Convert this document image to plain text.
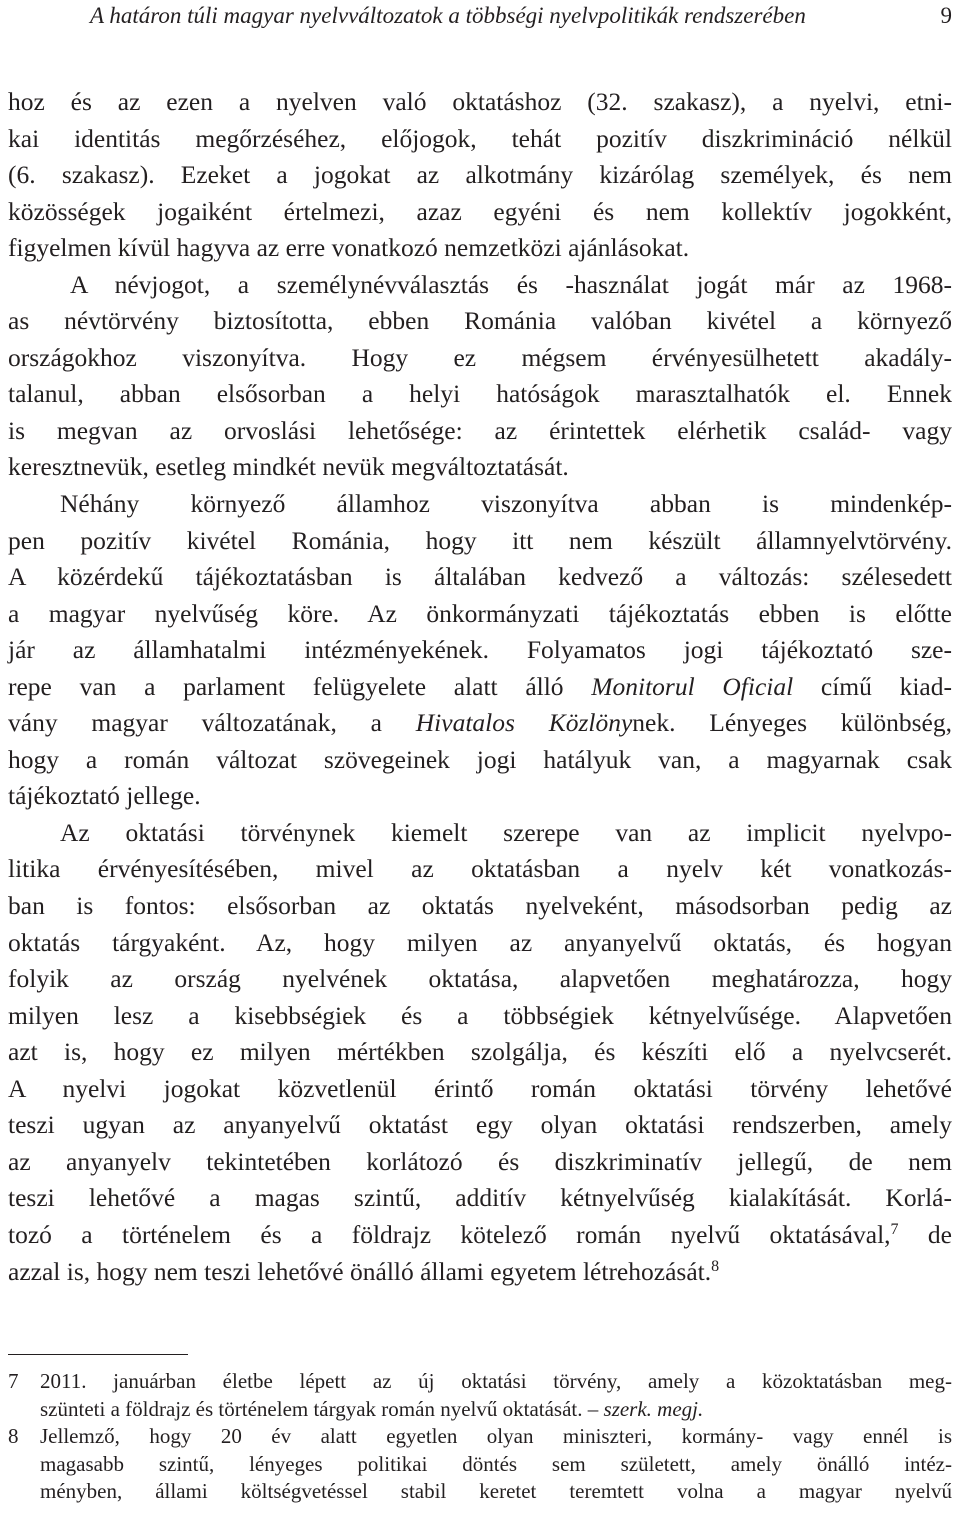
A határon túli magyar nyelvváltozatok a többségi nyelvpolitikák rendszerében	9
hoz és az ezen a nyelven való oktatáshoz (32. szakasz), a nyelvi, etni-
kai identitás megőrzéséhez, előjogok, tehát pozitív diszkrimináció nélkül
(6. szakasz). Ezeket a jogokat az alkotmány kizárólag személyek, és nem
közösségek jogaiként értelmezi, azaz egyéni és nem kollektív jogokként,
figyelmen kívül hagyva az erre vonatkozó nemzetközi ajánlásokat.
A névjogot, a személynévválasztás és -használat jogát már az 1968-
as névtörvény biztosította, ebben Románia valóban kivétel a környező
országokhoz viszonyítva. Hogy ez mégsem érvényesülhetett akadály-
talanul, abban elsősorban a helyi hatóságok marasztalhatók el. Ennek
is megvan az orvoslási lehetősége: az érintettek elérhetik család- vagy
keresztnevük, esetleg mindkét nevük megváltoztatását.
Néhány környező államhoz viszonyítva abban is mindenkép-
pen pozitív kivétel Románia, hogy itt nem készült államnyelvtörvény.
A közérdekű tájékoztatásban is általában kedvező a változás: szélesedett
a magyar nyelvűség köre. Az önkormányzati tájékoztatás ebben is előtte
jár az államhatalmi intézményekének. Folyamatos jogi tájékoztató sze-
repe van a parlament felügyelete alatt álló Monitorul Oficial című kiad-
vány magyar változatának, a Hivatalos Közlönynek. Lényeges különbség,
hogy a román változat szövegeinek jogi hatályuk van, a magyarnak csak
tájékoztató jellege.
Az oktatási törvénynek kiemelt szerepe van az implicit nyelvpo-
litika érvényesítésében, mivel az oktatásban a nyelv két vonatkozás-
ban is fontos: elsősorban az oktatás nyelveként, másodsorban pedig az
oktatás tárgyaként. Az, hogy milyen az anyanyelvű oktatás, és hogyan
folyik az ország nyelvének oktatása, alapvetően meghatározza, hogy
milyen lesz a kisebbségiek és a többségiek kétnyelvűsége. Alapvetően
azt is, hogy ez milyen mértékben szolgálja, és készíti elő a nyelvcserét.
A nyelvi jogokat közvetlenül érintő román oktatási törvény lehetővé
teszi ugyan az anyanyelvű oktatást egy olyan oktatási rendszerben, amely
az anyanyelv tekintetében korlátozó és diszkriminatív jellegű, de nem
teszi lehetővé a magas szintű, additív kétnyelvűség kialakítását. Korlá-
tozó a történelem és a földrajz kötelező román nyelvű oktatásával,$^7$ de
azzal is, hogy nem teszi lehetővé önálló állami egyetem létrehozását.$^8$
7 2011. januárban életbe lépett az új oktatási törvény, amely a közoktatásban meg-
szünteti a földrajz és történelem tárgyak román nyelvű oktatását. – szerk. megj.
8 Jellemző, hogy 20 év alatt egyetlen olyan miniszteri, kormány- vagy ennél is
magasabb szintű, lényeges politikai döntés sem született, amely önálló intéz-
ményben, állami költségvetéssel stabil keretet teremtett volna a magyar nyelvű
